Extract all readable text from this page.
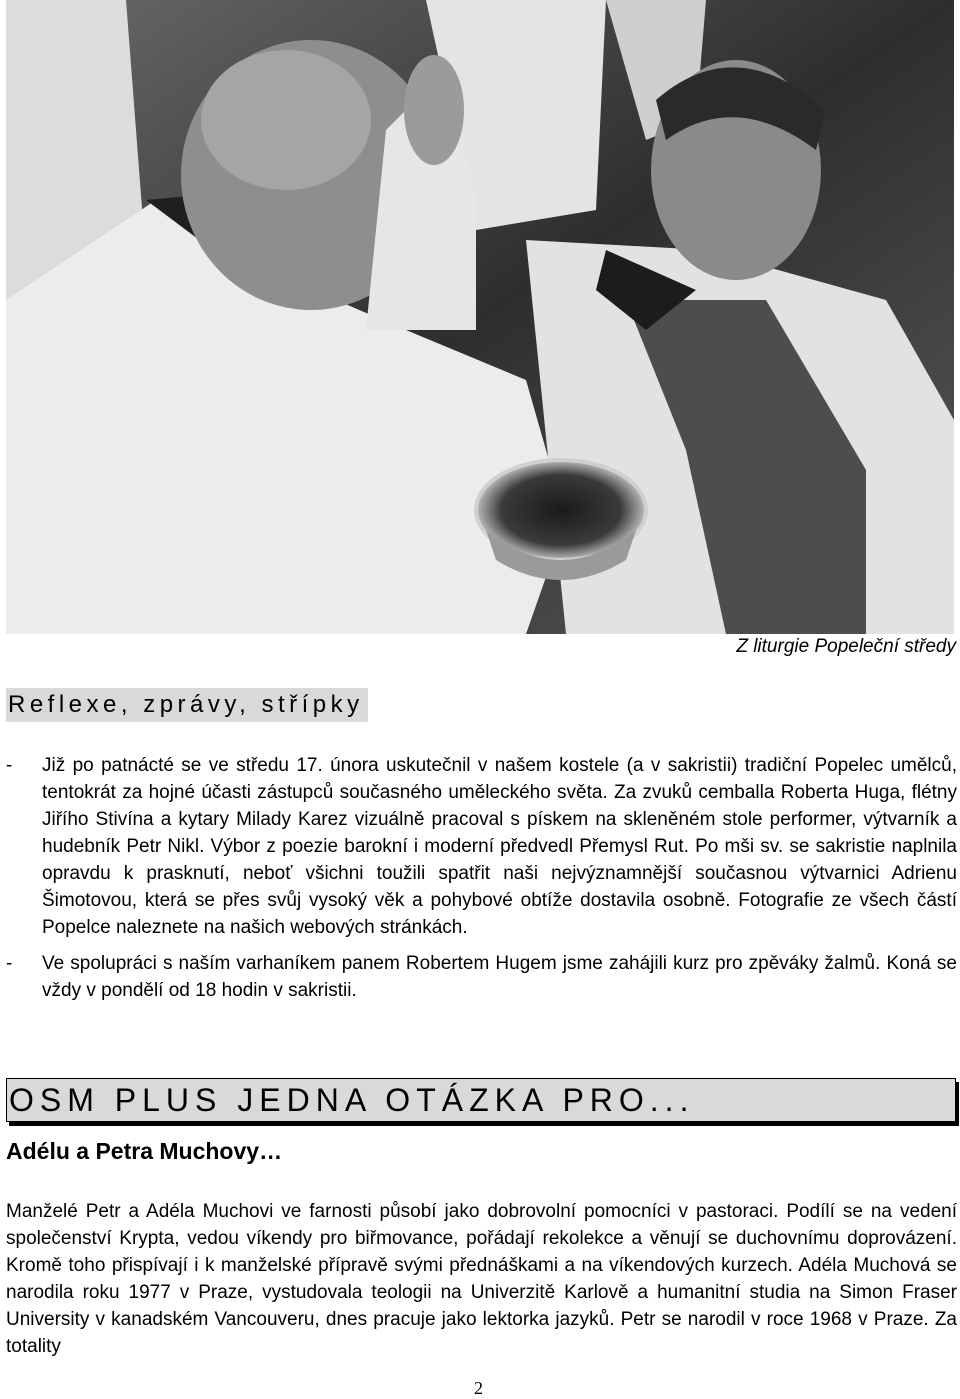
Z liturgie Popeleční středy
Reflexe, zprávy, střípky
-	Již po patnácté se ve středu 17. února uskutečnil v našem kostele (a v sakristii) tradiční Popelec umělců, tentokrát za hojné účasti zástupců současného uměleckého světa. Za zvuků cemballa Roberta Huga, flétny Jiřího Stivína a kytary Milady Karez vizuálně pracoval s pískem na skleněném stole performer, výtvarník a hudebník Petr Nikl. Výbor z poezie barokní i moderní předvedl Přemysl Rut. Po mši sv. se sakristie naplnila opravdu k prasknutí, neboť všichni toužili spatřit naši nejvýznamnější současnou výtvarnici Adrienu Šimotovou, která se přes svůj vysoký věk a pohybové obtíže dostavila osobně. Fotografie ze všech částí Popelce naleznete na našich webových stránkách.
-	Ve spolupráci s naším varhaníkem panem Robertem Hugem jsme zahájili kurz pro zpěváky žalmů. Koná se vždy v pondělí od 18 hodin v sakristii.
OSM PLUS JEDNA OTÁZKA PRO...
Adélu a Petra Muchovy…
Manželé Petr a Adéla Muchovi ve farnosti působí jako dobrovolní pomocníci v pastoraci. Podílí se na vedení společenství Krypta, vedou víkendy pro biřmovance, pořádají rekolekce a věnují se duchovnímu doprovázení. Kromě toho přispívají i k manželské přípravě svými přednáškami a na víkendových kurzech. Adéla Muchová se narodila roku 1977 v Praze, vystudovala teologii na Univerzitě Karlově a humanitní studia na Simon Fraser University v kanadském Vancouveru, dnes pracuje jako lektorka jazyků. Petr se narodil v roce 1968 v Praze. Za totality
2
